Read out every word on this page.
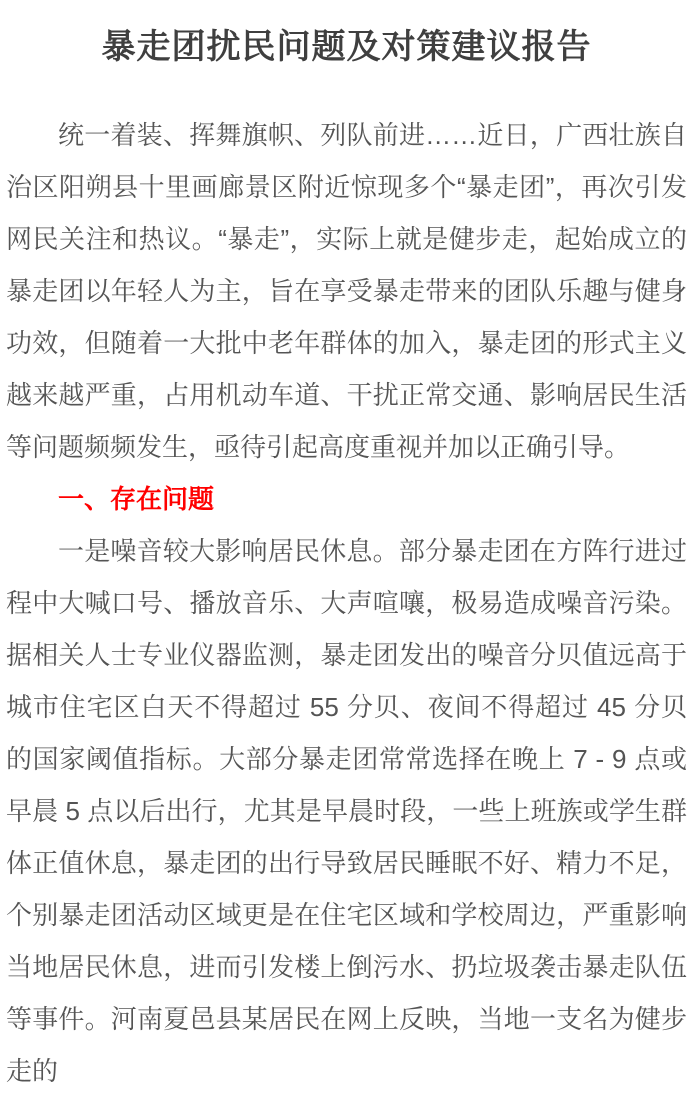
暴走团扰民问题及对策建议报告

统一着装、挥舞旗帜、列队前进……近日，广西壮族自治区阳朔县十里画廊景区附近惊现多个“暴走团”，再次引发网民关注和热议。“暴走”，实际上就是健步走，起始成立的暴走团以年轻人为主，旨在享受暴走带来的团队乐趣与健身功效，但随着一大批中老年群体的加入，暴走团的形式主义越来越严重，占用机动车道、干扰正常交通、影响居民生活等问题频频发生，亟待引起高度重视并加以正确引导。

一、存在问题

一是噪音较大影响居民休息。部分暴走团在方阵行进过程中大喊口号、播放音乐、大声喧嚷，极易造成噪音污染。据相关人士专业仪器监测，暴走团发出的噪音分贝值远高于城市住宅区白天不得超过 55 分贝、夜间不得超过 45 分贝的国家阈值指标。大部分暴走团常常选择在晚上 7 - 9 点或早晨 5 点以后出行，尤其是早晨时段，一些上班族或学生群体正值休息，暴走团的出行导致居民睡眠不好、精力不足，个别暴走团活动区域更是在住宅区域和学校周边，严重影响当地居民休息，进而引发楼上倒污水、扔垃圾袭击暴走队伍等事件。河南夏邑县某居民在网上反映，当地一支名为健步走的
